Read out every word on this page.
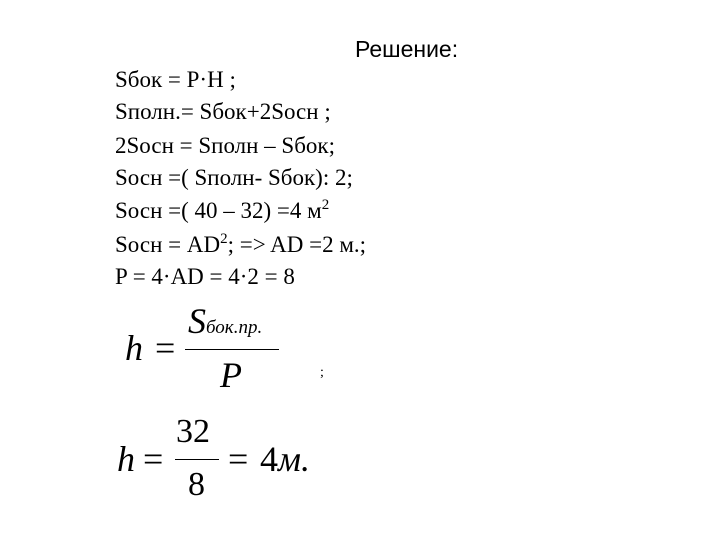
Решение:
Sбок = P·H ;
Sполн.= Sбок+2Sосн ;
2Sосн = Sполн – Sбок;
Sосн =( Sполн- Sбок): 2;
Sосн =( 40 – 32) =4 $м^2$
Sосн = $AD^2$; => AD =2 м.;
P = 4·AD = 4·2 = 8
h =
Sбок.пр.
P	;
h =
32
8
= 4м.
